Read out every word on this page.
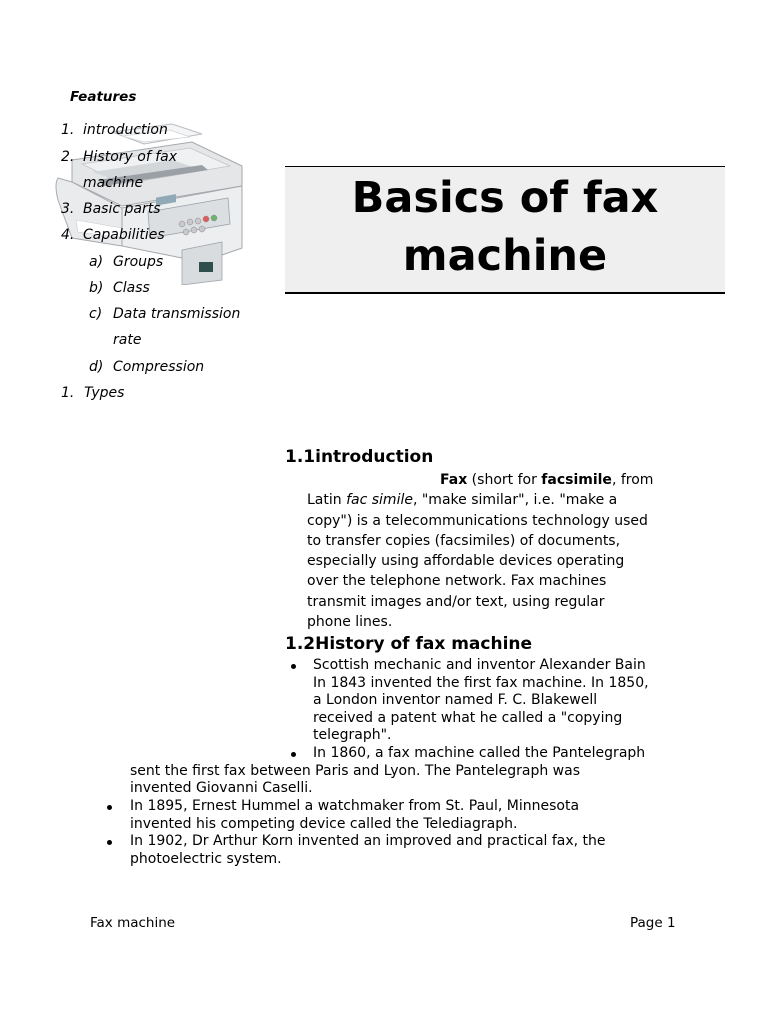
Features
1. introduction
2. History of fax
machine
3. Basic parts
4. Capabilities
a) Groups
b) Class
c) Data transmission
rate
d) Compression
1. Types
Basics of fax
machine
1.1introduction
Fax (short for facsimile, from
Latin fac simile, "make similar", i.e. "make a
copy") is a telecommunications technology used
to transfer copies (facsimiles) of documents,
especially using affordable devices operating
over the telephone network. Fax machines
transmit images and/or text, using regular
phone lines.
1.2History of fax machine
Scottish mechanic and inventor Alexander Bain
In 1843 invented the first fax machine. In 1850,
a London inventor named F. C. Blakewell
received a patent what he called a "copying
telegraph".
In 1860, a fax machine called the Pantelegraph
sent the first fax between Paris and Lyon. The Pantelegraph was
invented Giovanni Caselli.
In 1895, Ernest Hummel a watchmaker from St. Paul, Minnesota
invented his competing device called the Telediagraph.
In 1902, Dr Arthur Korn invented an improved and practical fax, the
photoelectric system.
Fax machine	Page 1
